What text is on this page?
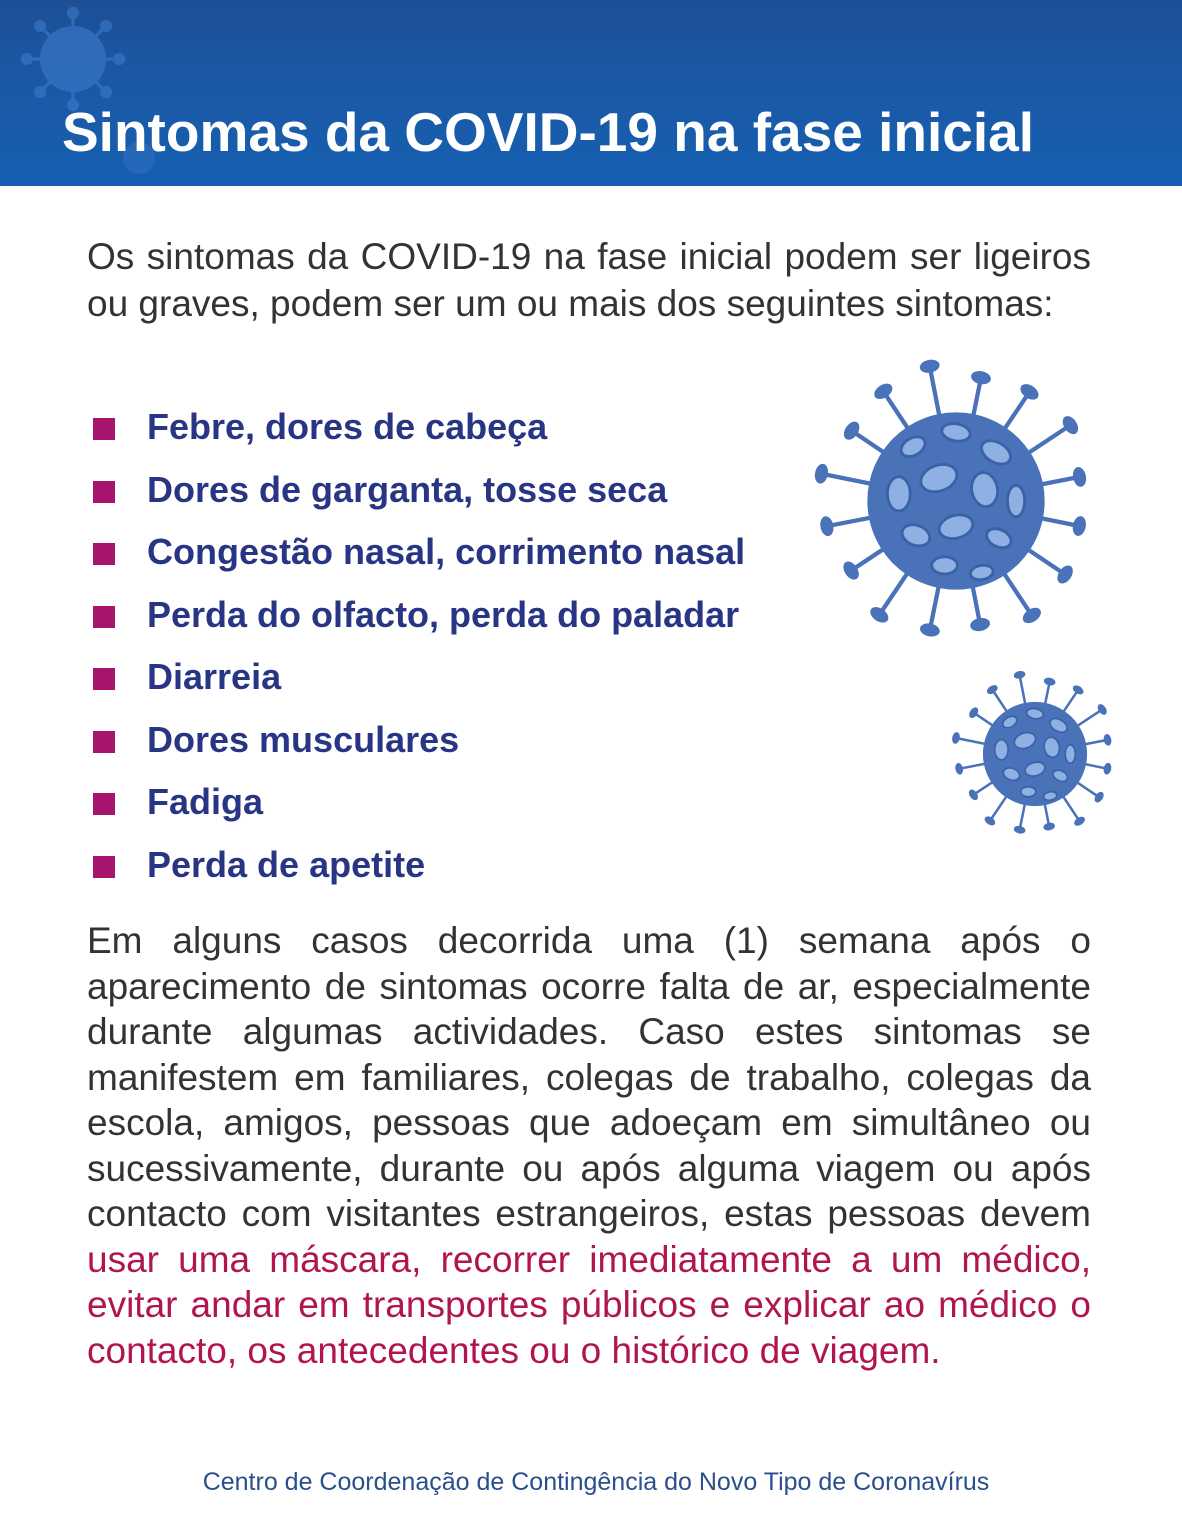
Sintomas da COVID-19 na fase inicial

Os sintomas da COVID-19 na fase inicial podem ser ligeiros ou graves, podem ser um ou mais dos seguintes sintomas:

Febre, dores de cabeça
Dores de garganta, tosse seca
Congestão nasal, corrimento nasal
Perda do olfacto, perda do paladar
Diarreia
Dores musculares
Fadiga
Perda de apetite

Em alguns casos decorrida uma (1) semana após o aparecimento de sintomas ocorre falta de ar, especialmente durante algumas actividades. Caso estes sintomas se manifestem em familiares, colegas de trabalho, colegas da escola, amigos, pessoas que adoeçam em simultâneo ou sucessivamente, durante ou após alguma viagem ou após contacto com visitantes estrangeiros, estas pessoas devem usar uma máscara, recorrer imediatamente a um médico, evitar andar em transportes públicos e explicar ao médico o contacto, os antecedentes ou o histórico de viagem.

Centro de Coordenação de Contingência do Novo Tipo de Coronavírus
